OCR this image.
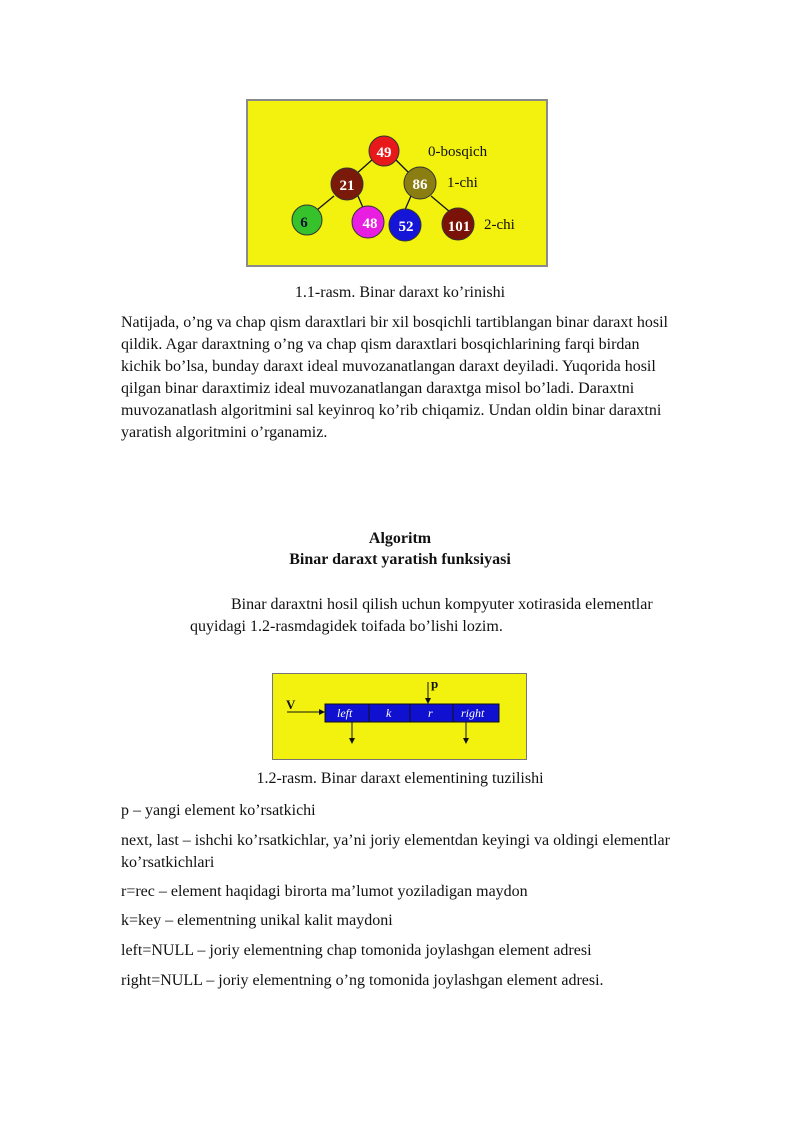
49
21	86
6	48 52 101
0-bosqich
1-chi
2-chi
1.1-rasm. Binar daraxt ko’rinishi

Natijada, o’ng va chap qism daraxtlari bir xil bosqichli tartiblangan binar daraxt hosil qildik. Agar daraxtning o’ng va chap qism daraxtlari bosqichlarining farqi birdan kichik bo’lsa, bunday daraxt ideal muvozanatlangan daraxt deyiladi. Yuqorida hosil qilgan binar daraxtimiz ideal muvozanatlangan daraxtga misol bo’ladi. Daraxtni muvozanatlash algoritmini sal keyinroq ko’rib chiqamiz. Undan oldin binar daraxtni yaratish algoritmini o’rganamiz.

Algoritm
Binar daraxt yaratish funksiyasi

Binar daraxtni hosil qilish uchun kompyuter xotirasida elementlar quyidagi 1.2-rasmdagidek toifada bo’lishi lozim.

p
V
left	k	r right
1.2-rasm. Binar daraxt elementining tuzilishi

p – yangi element ko’rsatkichi

next, last – ishchi ko’rsatkichlar, ya’ni joriy elementdan keyingi va oldingi elementlar ko’rsatkichlari

r=rec – element haqidagi birorta ma’lumot yoziladigan maydon

k=key – elementning unikal kalit maydoni

left=NULL – joriy elementning chap tomonida joylashgan element adresi

right=NULL – joriy elementning o’ng tomonida joylashgan element adresi.
